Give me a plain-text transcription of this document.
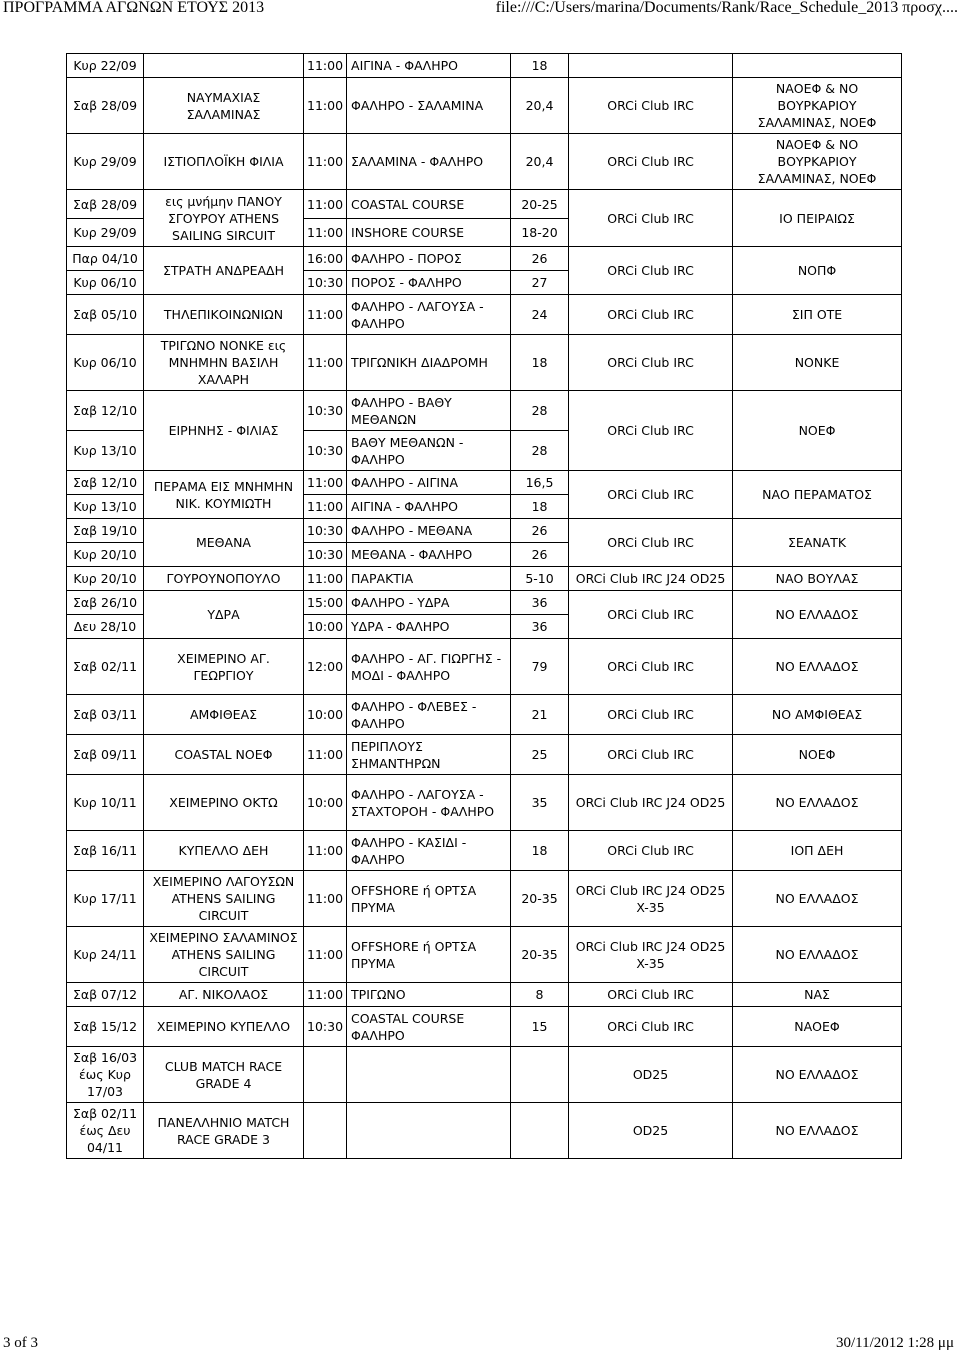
ΠΡΟΓΡΑΜΜΑ ΑΓΩΝΩΝ ΕΤΟΥΣ 2013	file:///C:/Users/marina/Documents/Rank/Race_Schedule_2013 προσχ....
Κυρ 22/09		11:00	ΑΙΓΙΝΑ - ΦΑΛΗΡΟ	18		
Σαβ 28/09	ΝΑΥΜΑΧΙΑΣ ΣΑΛΑΜΙΝΑΣ	11:00	ΦΑΛΗΡΟ - ΣΑΛΑΜΙΝΑ	20,4	ORCi Club IRC	ΝΑΟΕΦ & ΝΟ ΒΟΥΡΚΑΡΙΟΥ ΣΑΛΑΜΙΝΑΣ, ΝΟΕΦ
Κυρ 29/09	ΙΣΤΙΟΠΛΟΪΚΗ ΦΙΛΙΑ	11:00	ΣΑΛΑΜΙΝΑ - ΦΑΛΗΡΟ	20,4	ORCi Club IRC	ΝΑΟΕΦ & ΝΟ ΒΟΥΡΚΑΡΙΟΥ ΣΑΛΑΜΙΝΑΣ, ΝΟΕΦ
Σαβ 28/09	εις μνήμην ΠΑΝΟΥ ΣΓΟΥΡΟΥ ATHENS SAILING SIRCUIT	11:00	COASTAL COURSE	20-25	ORCi Club IRC	ΙΟ ΠΕΙΡΑΙΩΣ
Κυρ 29/09		11:00	INSHORE COURSE	18-20		
Παρ 04/10	ΣΤΡΑΤΗ ΑΝΔΡΕΑΔΗ	16:00	ΦΑΛΗΡΟ - ΠΟΡΟΣ	26	ORCi Club IRC	ΝΟΠΦ
Κυρ 06/10		10:30	ΠΟΡΟΣ - ΦΑΛΗΡΟ	27		
Σαβ 05/10	ΤΗΛΕΠΙΚΟΙΝΩΝΙΩΝ	11:00	ΦΑΛΗΡΟ - ΛΑΓΟΥΣΑ - ΦΑΛΗΡΟ	24	ORCi Club IRC	ΣΙΠ ΟΤΕ
Κυρ 06/10	ΤΡΙΓΩΝΟ ΝΟΝΚΕ εις ΜΝΗΜΗΝ ΒΑΣΙΛΗ ΧΑΛΑΡΗ	11:00	ΤΡΙΓΩΝΙΚΗ ΔΙΑΔΡΟΜΗ	18	ORCi Club IRC	ΝΟΝΚΕ
Σαβ 12/10	ΕΙΡΗΝΗΣ - ΦΙΛΙΑΣ	10:30	ΦΑΛΗΡΟ - ΒΑΘΥ ΜΕΘΑΝΩΝ	28	ORCi Club IRC	ΝΟΕΦ
Κυρ 13/10		10:30	ΒΑΘΥ ΜΕΘΑΝΩΝ - ΦΑΛΗΡΟ	28		
Σαβ 12/10	ΠΕΡΑΜΑ ΕΙΣ ΜΝΗΜΗΝ ΝΙΚ. ΚΟΥΜΙΩΤΗ	11:00	ΦΑΛΗΡΟ - ΑΙΓΙΝΑ	16,5	ORCi Club IRC	ΝΑΟ ΠΕΡΑΜΑΤΟΣ
Κυρ 13/10		11:00	ΑΙΓΙΝΑ - ΦΑΛΗΡΟ	18		
Σαβ 19/10	ΜΕΘΑΝΑ	10:30	ΦΑΛΗΡΟ - ΜΕΘΑΝΑ	26	ORCi Club IRC	ΣΕΑΝΑΤΚ
Κυρ 20/10		10:30	ΜΕΘΑΝΑ - ΦΑΛΗΡΟ	26		
Κυρ 20/10	ΓΟΥΡΟΥΝΟΠΟΥΛΟ	11:00	ΠΑΡΑΚΤΙΑ	5-10	ORCi Club IRC J24 OD25	ΝΑΟ ΒΟΥΛΑΣ
Σαβ 26/10	ΥΔΡΑ	15:00	ΦΑΛΗΡΟ - ΥΔΡΑ	36	ORCi Club IRC	ΝΟ ΕΛΛΑΔΟΣ
Δευ 28/10		10:00	ΥΔΡΑ - ΦΑΛΗΡΟ	36		
Σαβ 02/11	ΧΕΙΜΕΡΙΝΟ ΑΓ. ΓΕΩΡΓΙΟΥ	12:00	ΦΑΛΗΡΟ - ΑΓ. ΓΙΩΡΓΗΣ - ΜΟΔΙ - ΦΑΛΗΡΟ	79	ORCi Club IRC	ΝΟ ΕΛΛΑΔΟΣ
Σαβ 03/11	ΑΜΦΙΘΕΑΣ	10:00	ΦΑΛΗΡΟ - ΦΛΕΒΕΣ - ΦΑΛΗΡΟ	21	ORCi Club IRC	ΝΟ ΑΜΦΙΘΕΑΣ
Σαβ 09/11	COASTAL ΝΟΕΦ	11:00	ΠΕΡΙΠΛΟΥΣ ΣΗΜΑΝΤΗΡΩΝ	25	ORCi Club IRC	ΝΟΕΦ
Κυρ 10/11	ΧΕΙΜΕΡΙΝΟ ΟΚΤΩ	10:00	ΦΑΛΗΡΟ - ΛΑΓΟΥΣΑ - ΣΤΑΧΤΟΡΟΗ - ΦΑΛΗΡΟ	35	ORCi Club IRC J24 OD25	ΝΟ ΕΛΛΑΔΟΣ
Σαβ 16/11	ΚΥΠΕΛΛΟ ΔΕΗ	11:00	ΦΑΛΗΡΟ - ΚΑΣΙΔΙ - ΦΑΛΗΡΟ	18	ORCi Club IRC	ΙΟΠ ΔΕΗ
Κυρ 17/11	ΧΕΙΜΕΡΙΝΟ ΛΑΓΟΥΣΩΝ ATHENS SAILING CIRCUIT	11:00	OFFSHORE ή ΟΡΤΣΑ ΠΡΥΜΑ	20-35	ORCi Club IRC J24 OD25 X-35	ΝΟ ΕΛΛΑΔΟΣ
Κυρ 24/11	ΧΕΙΜΕΡΙΝΟ ΣΑΛΑΜΙΝΟΣ ATHENS SAILING CIRCUIT	11:00	OFFSHORE ή ΟΡΤΣΑ ΠΡΥΜΑ	20-35	ORCi Club IRC J24 OD25 X-35	ΝΟ ΕΛΛΑΔΟΣ
Σαβ 07/12	ΑΓ. ΝΙΚΟΛΑΟΣ	11:00	ΤΡΙΓΩΝΟ	8	ORCi Club IRC	ΝΑΣ
Σαβ 15/12	ΧΕΙΜΕΡΙΝΟ ΚΥΠΕΛΛΟ	10:30	COASTAL COURSE ΦΑΛΗΡΟ	15	ORCi Club IRC	ΝΑΟΕΦ
Σαβ 16/03 έως Κυρ 17/03	CLUB MATCH RACE GRADE 4				OD25	ΝΟ ΕΛΛΑΔΟΣ
Σαβ 02/11 έως Δευ 04/11	ΠΑΝΕΛΛΗΝΙΟ MATCH RACE GRADE 3				OD25	ΝΟ ΕΛΛΑΔΟΣ
3 of 3	30/11/2012 1:28 μμ
